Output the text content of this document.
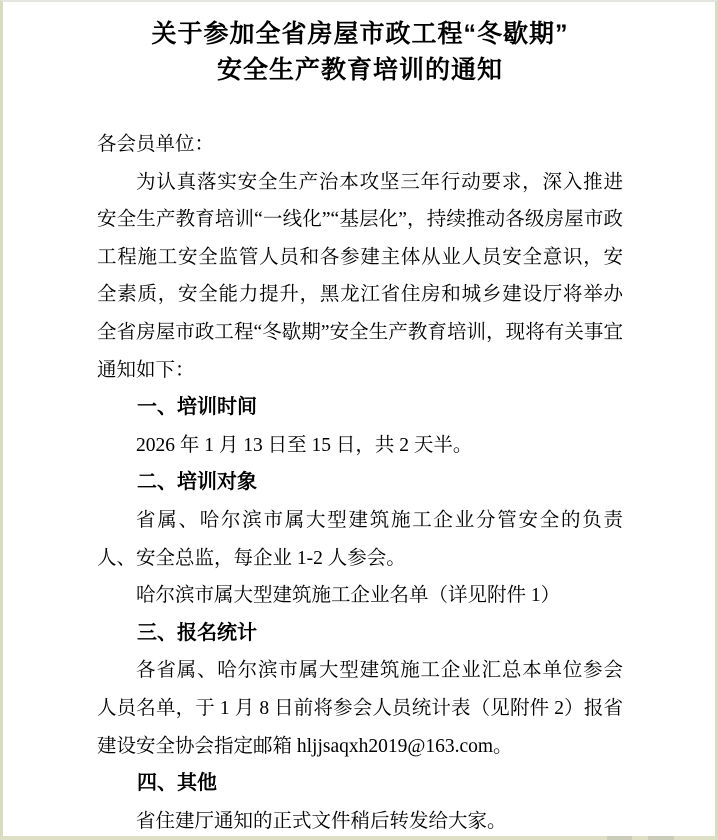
关于参加全省房屋市政工程“冬歇期”
安全生产教育培训的通知

各会员单位：

为认真落实安全生产治本攻坚三年行动要求，深入推进安全生产教育培训“一线化”“基层化”，持续推动各级房屋市政工程施工安全监管人员和各参建主体从业人员安全意识，安全素质，安全能力提升，黑龙江省住房和城乡建设厅将举办全省房屋市政工程“冬歇期”安全生产教育培训，现将有关事宜通知如下：

一、培训时间

2026 年 1 月 13 日至 15 日，共 2 天半。

二、培训对象

省属、哈尔滨市属大型建筑施工企业分管安全的负责人、安全总监，每企业 1-2 人参会。

哈尔滨市属大型建筑施工企业名单（详见附件 1）

三、报名统计

各省属、哈尔滨市属大型建筑施工企业汇总本单位参会人员名单，于 1 月 8 日前将参会人员统计表（见附件 2）报省建设安全协会指定邮箱 hljjsaqxh2019@163.com。

四、其他

省住建厅通知的正式文件稍后转发给大家。
